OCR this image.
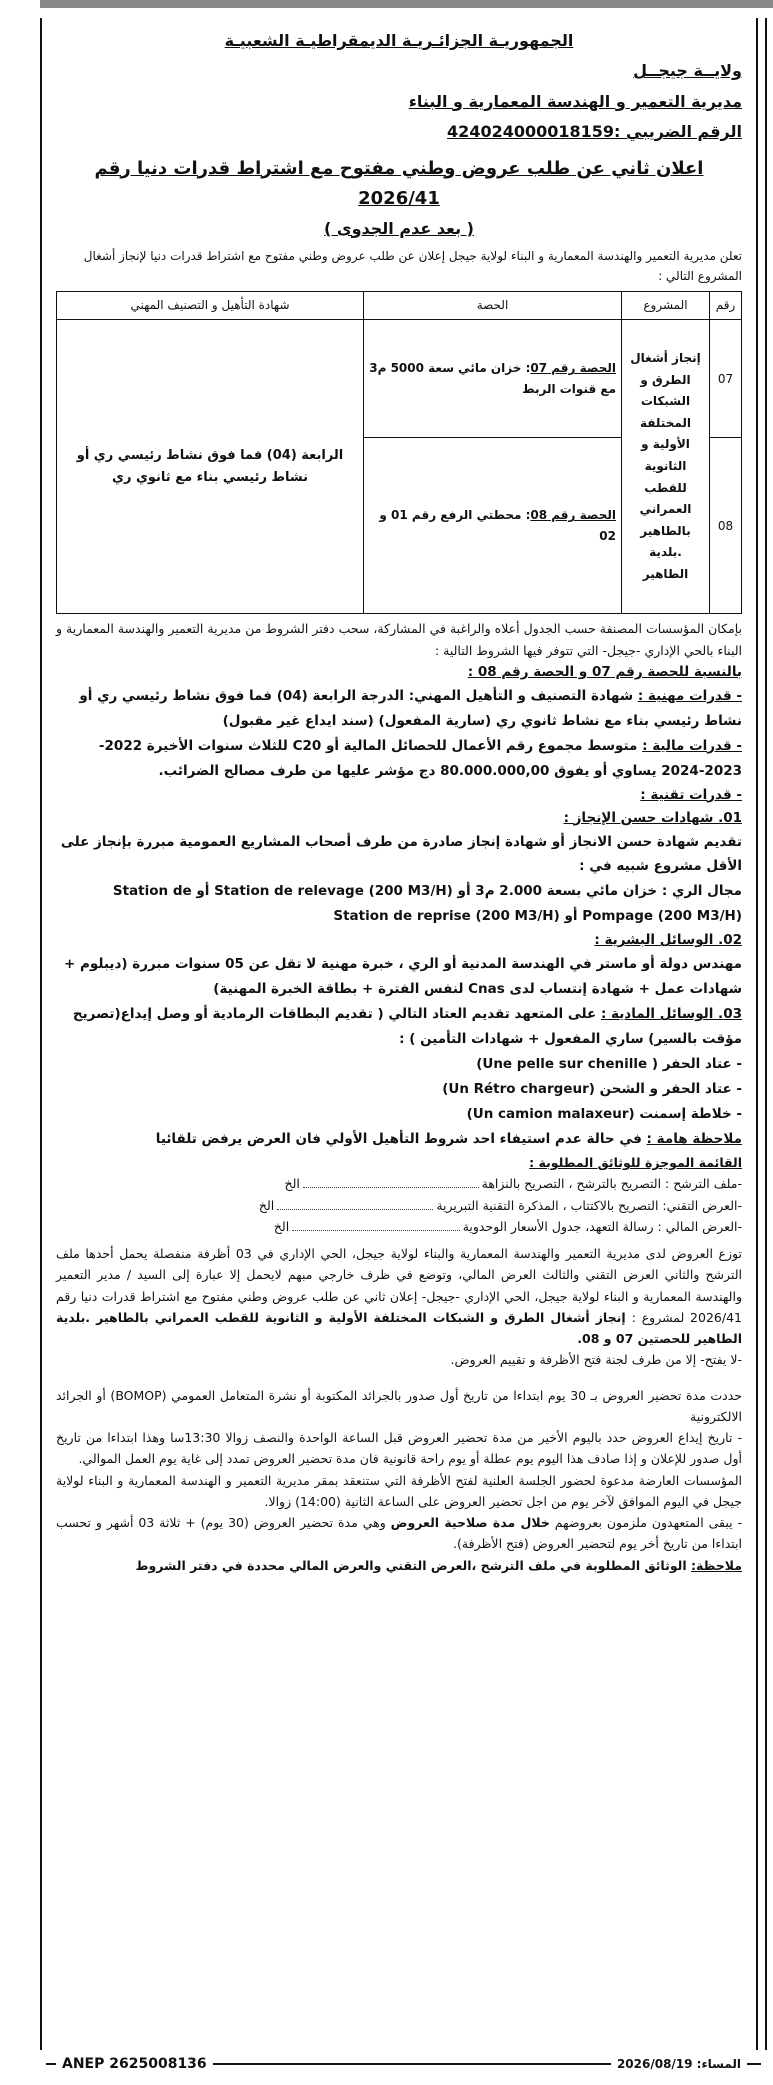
الجمهوريـة الجزائـريـة الديمقراطيـة الشعبيـة
ولايــة جيجــل
مديرية التعمير و الهندسة المعمارية و البناء
الرقم الضريبي :424024000018159
اعلان ثاني عن طلب عروض وطني مفتوح مع اشتراط قدرات دنيا رقم 2026/41
( بعد عدم الجدوى )
تعلن مديرية التعمير والهندسة المعمارية و البناء لولاية جيجل إعلان عن طلب عروض وطني مفتوح مع اشتراط قدرات دنيا لإنجاز أشغال المشروع التالي :
رقم	المشروع	الحصة	شهادة التأهيل و التصنيف المهني
07	إنجاز أشغال الطرق و الشبكات المختلفة الأولية و الثانوية للقطب العمراني بالطاهير .بلدية الطاهير	الحصة رقم 07: خزان مائي سعة 5000 م3 مع قنوات الربط	الرابعة (04) فما فوق نشاط رئيسي ري أو نشاط رئيسي بناء مع ثانوي ري
08		الحصة رقم 08: محطتي الرفع رقم 01 و 02	
بإمكان المؤسسات المصنفة حسب الجدول أعلاه والراغبة في المشاركة، سحب دفتر الشروط من مديرية التعمير والهندسة المعمارية و البناء بالحي الإداري -جيجل- التي تتوفر فيها الشروط التالية :
بالنسبة للحصة رقم 07 و الحصة رقم 08 :
- قدرات مهنية : شهادة التصنيف و التأهيل المهني: الدرجة الرابعة (04) فما فوق نشاط رئيسي ري أو نشاط رئيسي بناء مع نشاط ثانوي ري (سارية المفعول) (سند ايداع غير مقبول)
- قدرات مالية : متوسط مجموع رقم الأعمال للحصائل المالية أو C20 للثلاث سنوات الأخيرة 2022-2023-2024 يساوي أو يفوق 80.000.000,00 دج مؤشر عليها من طرف مصالح الضرائب.
- قدرات تقنية :
01. شهادات حسن الإنجاز :
تقديم شهادة حسن الانجاز أو شهادة إنجاز صادرة من طرف أصحاب المشاريع العمومية مبررة بإنجاز على الأقل مشروع شبيه في :
مجال الري : خزان مائي بسعة 2.000 م3 أو Station de relevage (200 M3/H) أو Station de Pompage (200 M3/H) أو Station de reprise (200 M3/H)
02. الوسائل البشرية :
مهندس دولة أو ماستر في الهندسة المدنية أو الري ، خبرة مهنية لا تقل عن 05 سنوات مبررة (ديبلوم + شهادات عمل + شهادة إنتساب لدى Cnas لنفس الفترة + بطاقة الخبرة المهنية)
03. الوسائل المادية : على المتعهد تقديم العتاد التالي ( تقديم البطاقات الرمادية أو وصل إيداع(تصريح مؤقت بالسير) ساري المفعول + شهادات التأمين ) :
- عتاد الحفر ( Une pelle sur chenille)
- عتاد الحفر و الشحن (Un Rétro chargeur)
- خلاطة إسمنت (Un camion malaxeur)
ملاحظة هامة : في حالة عدم استيفاء احد شروط التأهيل الأولي فان العرض يرفض تلقائيا
القائمة الموجزة للوثائق المطلوبة :
-ملف الترشح : التصريح بالترشح ، التصريح بالنزاهة
الخ
-العرض التقني: التصريح بالاكتتاب ، المذكرة التقنية التبريرية
الخ
-العرض المالي : رسالة التعهد، جدول الأسعار الوحدوية
الخ
توزع العروض لدى مديرية التعمير والهندسة المعمارية والبناء لولاية جيجل، الحي الإداري في 03 أظرفة منفصلة يحمل أحدها ملف الترشح والثاني العرض التقني والثالث العرض المالي، وتوضع في ظرف خارجي مبهم لايحمل إلا عبارة إلى السيد / مدير التعمير والهندسة المعمارية و البناء لولاية جيجل، الحي الإداري -جيجل- إعلان ثاني عن طلب عروض وطني مفتوح مع اشتراط قدرات دنيا رقم 2026/41 لمشروع : إنجاز أشغال الطرق و الشبكات المختلفة الأولية و الثانوية للقطب العمراني بالطاهير .بلدية الطاهير للحصتين 07 و 08.
-لا يفتح- إلا من طرف لجنة فتح الأظرفة و تقييم العروض.
حددت مدة تحضير العروض بـ 30 يوم ابتداءا من تاريخ أول صدور بالجرائد المكتوبة أو نشرة المتعامل العمومي (BOMOP) أو الجرائد الالكترونية
- تاريخ إيداع العروض حدد باليوم الأخير من مدة تحضير العروض قبل الساعة الواحدة والنصف زوالا 13:30سا وهذا ابتداءا من تاريخ أول صدور للإعلان و إذا صادف هذا اليوم يوم عطلة أو يوم راحة قانونية فان مدة تحضير العروض تمدد إلى غاية يوم العمل الموالي.
المؤسسات العارضة مدعوة لحضور الجلسة العلنية لفتح الأظرفة التي ستنعقد بمقر مديرية التعمير و الهندسة المعمارية و البناء لولاية جيجل في اليوم الموافق لآخر يوم من اجل تحضير العروض على الساعة الثانية (14:00) زوالا.
- يبقى المتعهدون ملزمون بعروضهم خلال مدة صلاحية العروض وهي مدة تحضير العروض (30 يوم) + ثلاثة 03 أشهر و تحسب ابتداءا من تاريخ أخر يوم لتحضير العروض (فتح الأظرفة).
ملاحظة: الوثائق المطلوبة في ملف الترشح ،العرض التقني والعرض المالي محددة في دفتر الشروط
ANEP 2625008136	المساء: 2026/08/19
